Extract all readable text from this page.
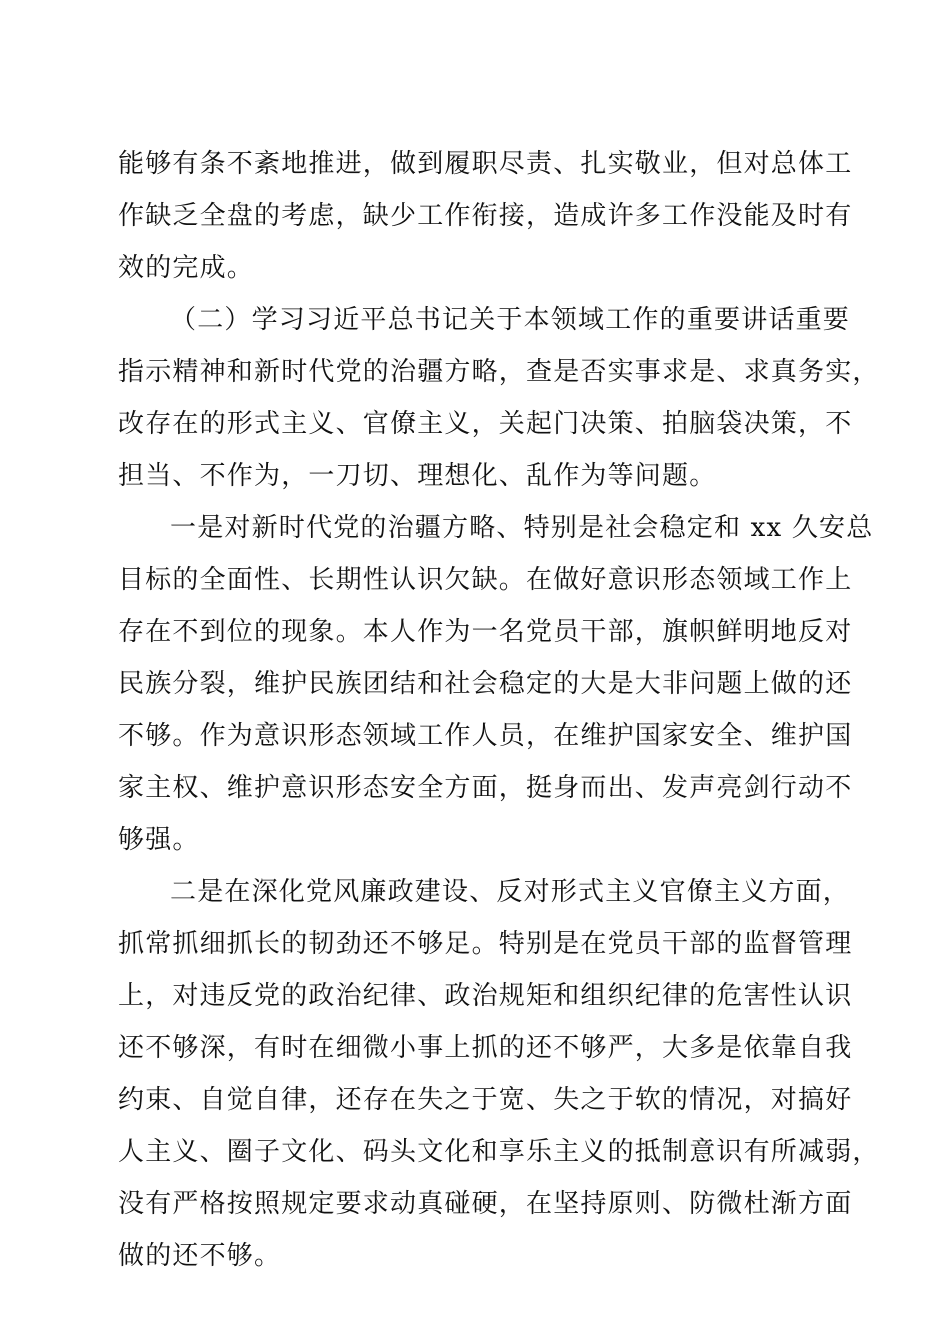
能够有条不紊地推进，做到履职尽责、扎实敬业，但对总体工
作缺乏全盘的考虑，缺少工作衔接，造成许多工作没能及时有
效的完成。
（二）学习习近平总书记关于本领域工作的重要讲话重要
指示精神和新时代党的治疆方略，查是否实事求是、求真务实，
改存在的形式主义、官僚主义，关起门决策、拍脑袋决策，不
担当、不作为，一刀切、理想化、乱作为等问题。
一是对新时代党的治疆方略、特别是社会稳定和 xx 久安总
目标的全面性、长期性认识欠缺。在做好意识形态领域工作上
存在不到位的现象。本人作为一名党员干部，旗帜鲜明地反对
民族分裂，维护民族团结和社会稳定的大是大非问题上做的还
不够。作为意识形态领域工作人员，在维护国家安全、维护国
家主权、维护意识形态安全方面，挺身而出、发声亮剑行动不
够强。
二是在深化党风廉政建设、反对形式主义官僚主义方面，
抓常抓细抓长的韧劲还不够足。特别是在党员干部的监督管理
上，对违反党的政治纪律、政治规矩和组织纪律的危害性认识
还不够深，有时在细微小事上抓的还不够严，大多是依靠自我
约束、自觉自律，还存在失之于宽、失之于软的情况，对搞好
人主义、圈子文化、码头文化和享乐主义的抵制意识有所减弱，
没有严格按照规定要求动真碰硬，在坚持原则、防微杜渐方面
做的还不够。
